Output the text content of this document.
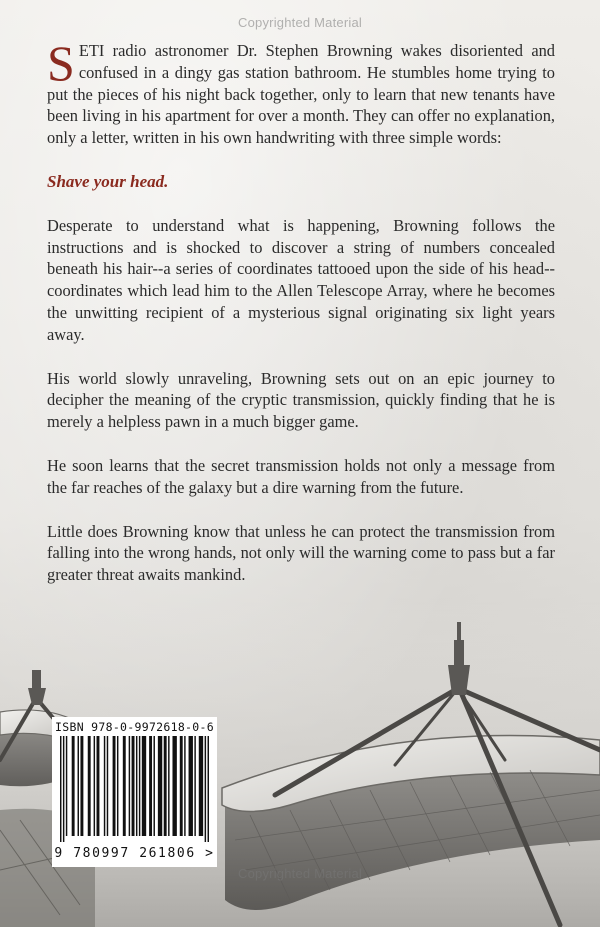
Copyrighted Material

SETI radio astronomer Dr. Stephen Browning wakes disoriented and confused in a dingy gas station bathroom. He stumbles home trying to put the pieces of his night back together, only to learn that new tenants have been living in his apartment for over a month. They can offer no explanation, only a letter, written in his own handwriting with three simple words:

Shave your head.

Desperate to understand what is happening, Browning follows the instructions and is shocked to discover a string of numbers concealed beneath his hair--a series of coordinates tattooed upon the side of his head--coordinates which lead him to the Allen Telescope Array, where he becomes the unwitting recipient of a mysterious signal originating six light years away.

His world slowly unraveling, Browning sets out on an epic journey to decipher the meaning of the cryptic transmission, quickly finding that he is merely a helpless pawn in a much bigger game.

He soon learns that the secret transmission holds not only a message from the far reaches of the galaxy but a dire warning from the future.

Little does Browning know that unless he can protect the transmission from falling into the wrong hands, not only will the warning come to pass but a far greater threat awaits mankind.

ISBN 978-0-9972618-0-6
9 780997 261806 >
Copyrighted Material
